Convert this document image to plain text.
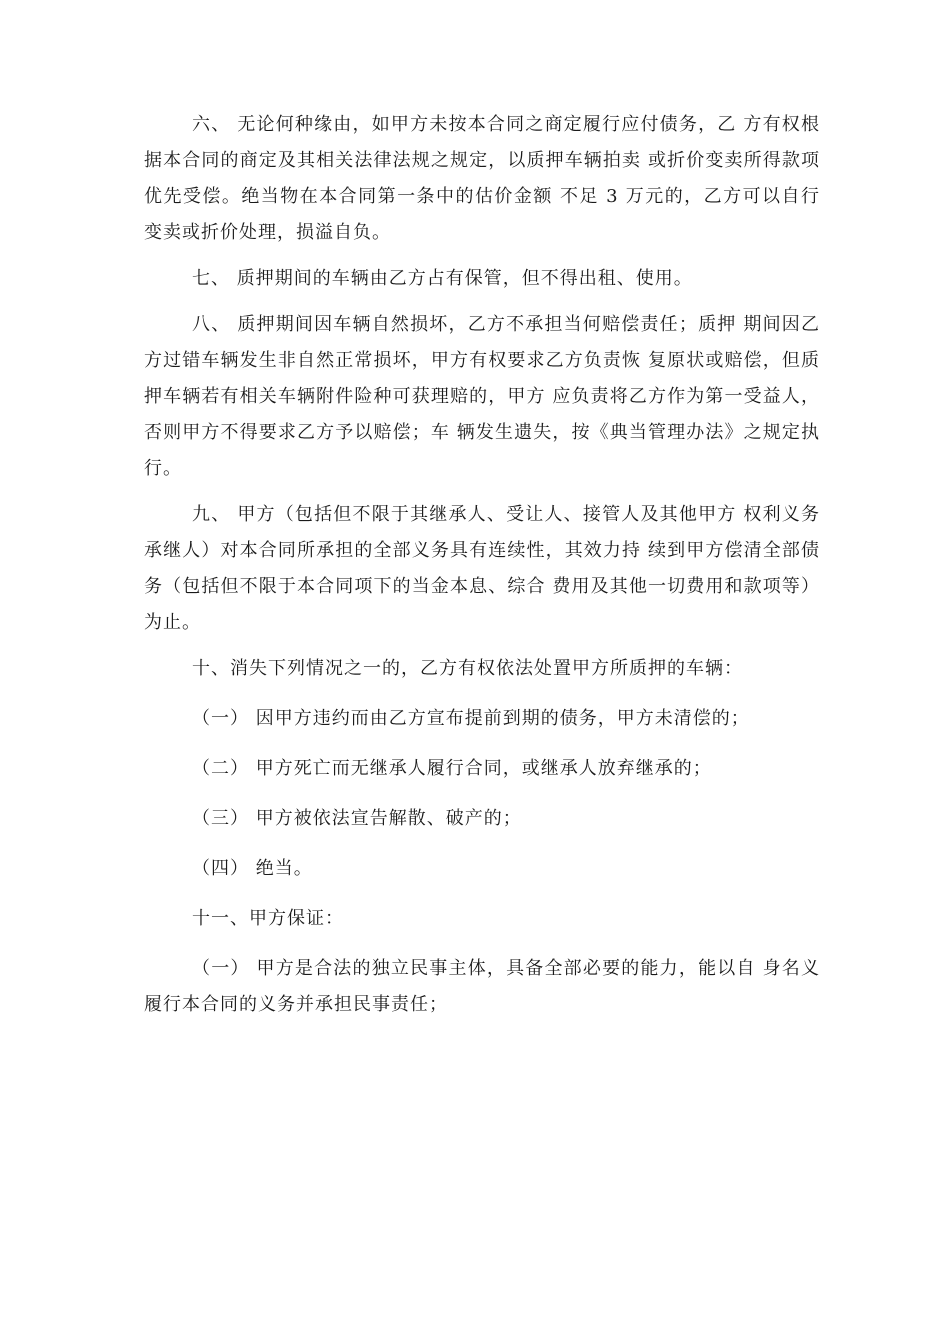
六、 无论何种缘由，如甲方未按本合同之商定履行应付债务，乙 方有权根据本合同的商定及其相关法律法规之规定，以质押车辆拍卖 或折价变卖所得款项优先受偿。绝当物在本合同第一条中的估价金额 不足 3 万元的，乙方可以自行变卖或折价处理，损溢自负。

七、 质押期间的车辆由乙方占有保管，但不得出租、使用。

八、 质押期间因车辆自然损坏，乙方不承担当何赔偿责任；质押 期间因乙方过错车辆发生非自然正常损坏，甲方有权要求乙方负责恢 复原状或赔偿，但质押车辆若有相关车辆附件险种可获理赔的，甲方 应负责将乙方作为第一受益人，否则甲方不得要求乙方予以赔偿；车 辆发生遗失，按《典当管理办法》之规定执行。

九、 甲方（包括但不限于其继承人、受让人、接管人及其他甲方 权利义务承继人）对本合同所承担的全部义务具有连续性，其效力持 续到甲方偿清全部债务（包括但不限于本合同项下的当金本息、综合 费用及其他一切费用和款项等）为止。

十、消失下列情况之一的，乙方有权依法处置甲方所质押的车辆：

（一） 因甲方违约而由乙方宣布提前到期的债务，甲方未清偿的；

（二） 甲方死亡而无继承人履行合同，或继承人放弃继承的；

（三） 甲方被依法宣告解散、破产的；

（四） 绝当。

十一、甲方保证：

（一） 甲方是合法的独立民事主体，具备全部必要的能力，能以自 身名义履行本合同的义务并承担民事责任；
